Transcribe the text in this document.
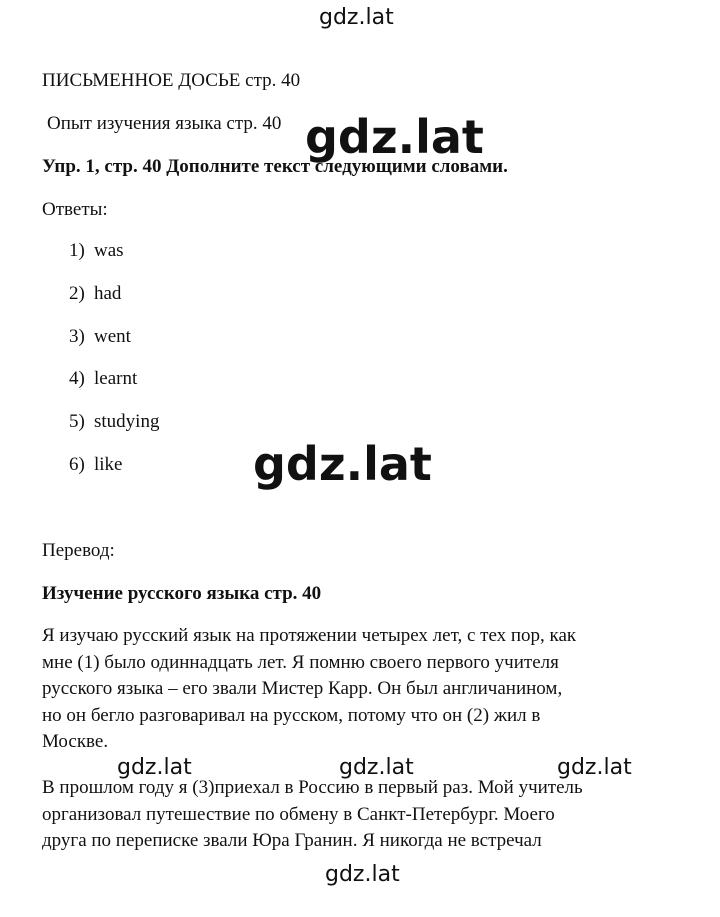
ПИСЬМЕННОЕ ДОСЬЕ стр. 40
Опыт изучения языка стр. 40
Упр. 1, стр. 40 Дополните текст следующими словами.
Ответы:
1) was
2) had
3) went
4) learnt
5) studying
6) like
Перевод:
Изучение русского языка стр. 40
Я изучаю русский язык на протяжении четырех лет, с тех пор, как
мне (1) было одиннадцать лет. Я помню своего первого учителя
русского языка – его звали Мистер Карр. Он был англичанином,
но он бегло разговаривал на русском, потому что он (2) жил в
Москве.
В прошлом году я (3)приехал в Россию в первый раз. Мой учитель
организовал путешествие по обмену в Санкт-Петербург. Моего
друга по переписке звали Юра Гранин. Я никогда не встречал
gdz.lat
gdz.lat
gdz.lat
gdz.lat	gdz.lat	gdz.lat
gdz.lat
